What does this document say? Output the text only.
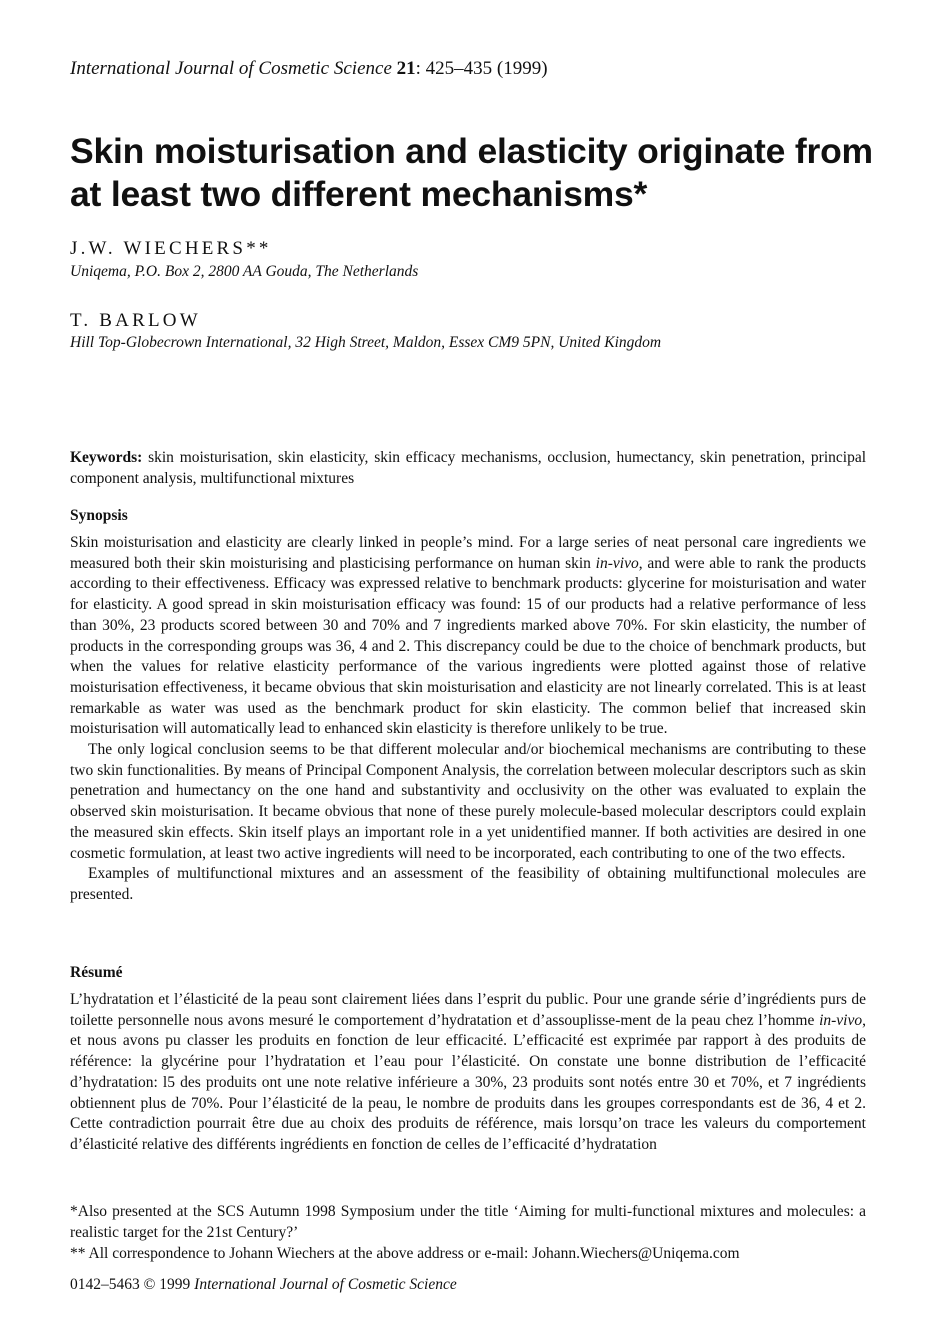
International Journal of Cosmetic Science 21: 425–435 (1999)
Skin moisturisation and elasticity originate from at least two different mechanisms*
J.W. WIECHERS**
Uniqema, P.O. Box 2, 2800 AA Gouda, The Netherlands
T. BARLOW
Hill Top-Globecrown International, 32 High Street, Maldon, Essex CM9 5PN, United Kingdom

Keywords: skin moisturisation, skin elasticity, skin efficacy mechanisms, occlusion, humectancy, skin penetration, principal component analysis, multifunctional mixtures

Synopsis

Skin moisturisation and elasticity are clearly linked in people’s mind. For a large series of neat personal care ingredients we measured both their skin moisturising and plasticising performance on human skin in-vivo, and were able to rank the products according to their effectiveness. Efficacy was expressed relative to benchmark products: glycerine for moisturisation and water for elasticity. A good spread in skin moisturisation efficacy was found: 15 of our products had a relative performance of less than 30%, 23 products scored between 30 and 70% and 7 ingredients marked above 70%. For skin elasticity, the number of products in the corresponding groups was 36, 4 and 2. This discrepancy could be due to the choice of benchmark products, but when the values for relative elasticity performance of the various ingredients were plotted against those of relative moisturisation effectiveness, it became obvious that skin moisturisation and elasticity are not linearly correlated. This is at least remarkable as water was used as the benchmark product for skin elasticity. The common belief that increased skin moisturisation will automatically lead to enhanced skin elasticity is therefore unlikely to be true.

The only logical conclusion seems to be that different molecular and/or biochemical mechanisms are contributing to these two skin functionalities. By means of Principal Component Analysis, the correlation between molecular descriptors such as skin penetration and humectancy on the one hand and substantivity and occlusivity on the other was evaluated to explain the observed skin moisturisation. It became obvious that none of these purely molecule-based molecular descriptors could explain the measured skin effects. Skin itself plays an important role in a yet unidentified manner. If both activities are desired in one cosmetic formulation, at least two active ingredients will need to be incorporated, each contributing to one of the two effects.

Examples of multifunctional mixtures and an assessment of the feasibility of obtaining multifunctional molecules are presented.

Résumé

L’hydratation et l’élasticité de la peau sont clairement liées dans l’esprit du public. Pour une grande série d’ingrédients purs de toilette personnelle nous avons mesuré le comportement d’hydratation et d’assouplisse-ment de la peau chez l’homme in-vivo, et nous avons pu classer les produits en fonction de leur efficacité. L’efficacité est exprimée par rapport à des produits de référence: la glycérine pour l’hydratation et l’eau pour l’élasticité. On constate une bonne distribution de l’efficacité d’hydratation: l5 des produits ont une note relative inférieure a 30%, 23 produits sont notés entre 30 et 70%, et 7 ingrédients obtiennent plus de 70%. Pour l’élasticité de la peau, le nombre de produits dans les groupes correspondants est de 36, 4 et 2. Cette contradiction pourrait être due au choix des produits de référence, mais lorsqu’on trace les valeurs du comportement d’élasticité relative des différents ingrédients en fonction de celles de l’efficacité d’hydratation

*Also presented at the SCS Autumn 1998 Symposium under the title ‘Aiming for multi-functional mixtures and molecules: a realistic target for the 21st Century?’

** All correspondence to Johann Wiechers at the above address or e-mail: Johann.Wiechers@Uniqema.com

0142–5463 © 1999 International Journal of Cosmetic Science
